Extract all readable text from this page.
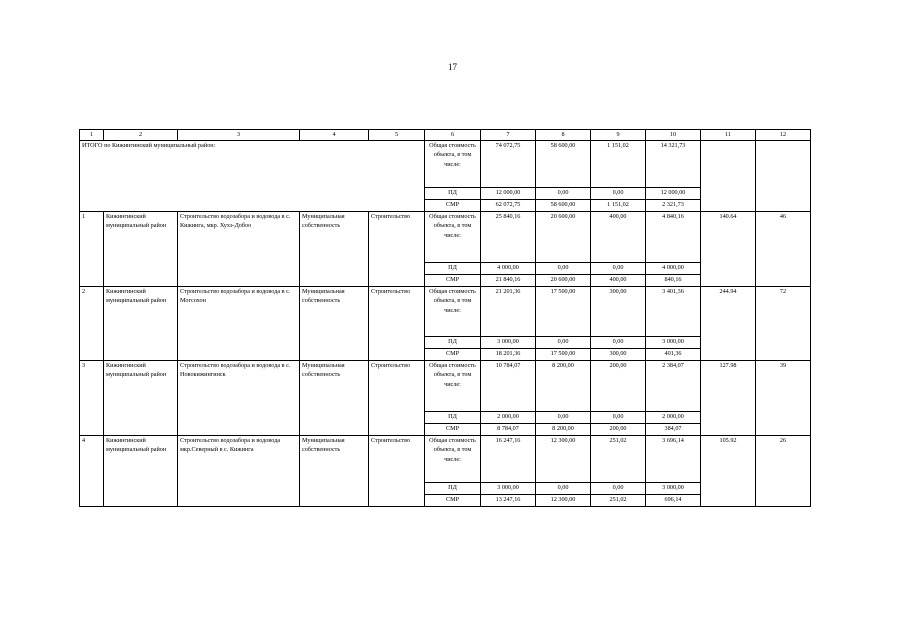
17
1	2	3	4	5	6	7	8	9	10	11	12
ИТОГО по Кижингинский муниципальный район:					Общая стоимость объекта, в том числе:	74 072,75	58 600,00	1 151,02	14 321,73		
					ПД	12 000,00	0,00	0,00	12 000,00		
					СМР	62 072,75	58 600,00	1 151,02	2 321,73		
1	Кижингинский муниципальный район	Строительство водозабора и водовода в с. Кижинга, мкр. Хухэ-Добоо	Муниципальная собственность	Строительство	Общая стоимость объекта, в том числе:	25 840,16	20 600,00	400,00	4 840,16	140.64	46
					ПД	4 000,00	0,00	0,00	4 000,00		
					СМР	21 840,16	20 600,00	400,00	840,16		
2	Кижингинский муниципальный район	Строительство водозабора и водовода в с. Могсохон	Муниципальная собственность	Строительство	Общая стоимость объекта, в том числе:	21 201,36	17 500,00	300,00	3 401,36	244.94	72
					ПД	3 000,00	0,00	0,00	3 000,00		
					СМР	18 201,36	17 500,00	300,00	401,36		
3	Кижингинский муниципальный район	Строительство водозабора и водовода в с. Новокижингинск	Муниципальная собственность	Строительство	Общая стоимость объекта, в том числе:	10 784,07	8 200,00	200,00	2 384,07	127.98	39
					ПД	2 000,00	0,00	0,00	2 000,00		
					СМР	8 784,07	8 200,00	200,00	384,07		
4	Кижингинский муниципальный район	Строительство водозабора и водовода мкр.Северный в с. Кижинга	Муниципальная собственность	Строительство	Общая стоимость объекта, в том числе:	16 247,16	12 300,00	251,02	3 696,14	105.92	26
					ПД	3 000,00	0,00	0,00	3 000,00		
					СМР	13 247,16	12 300,00	251,02	696,14		
